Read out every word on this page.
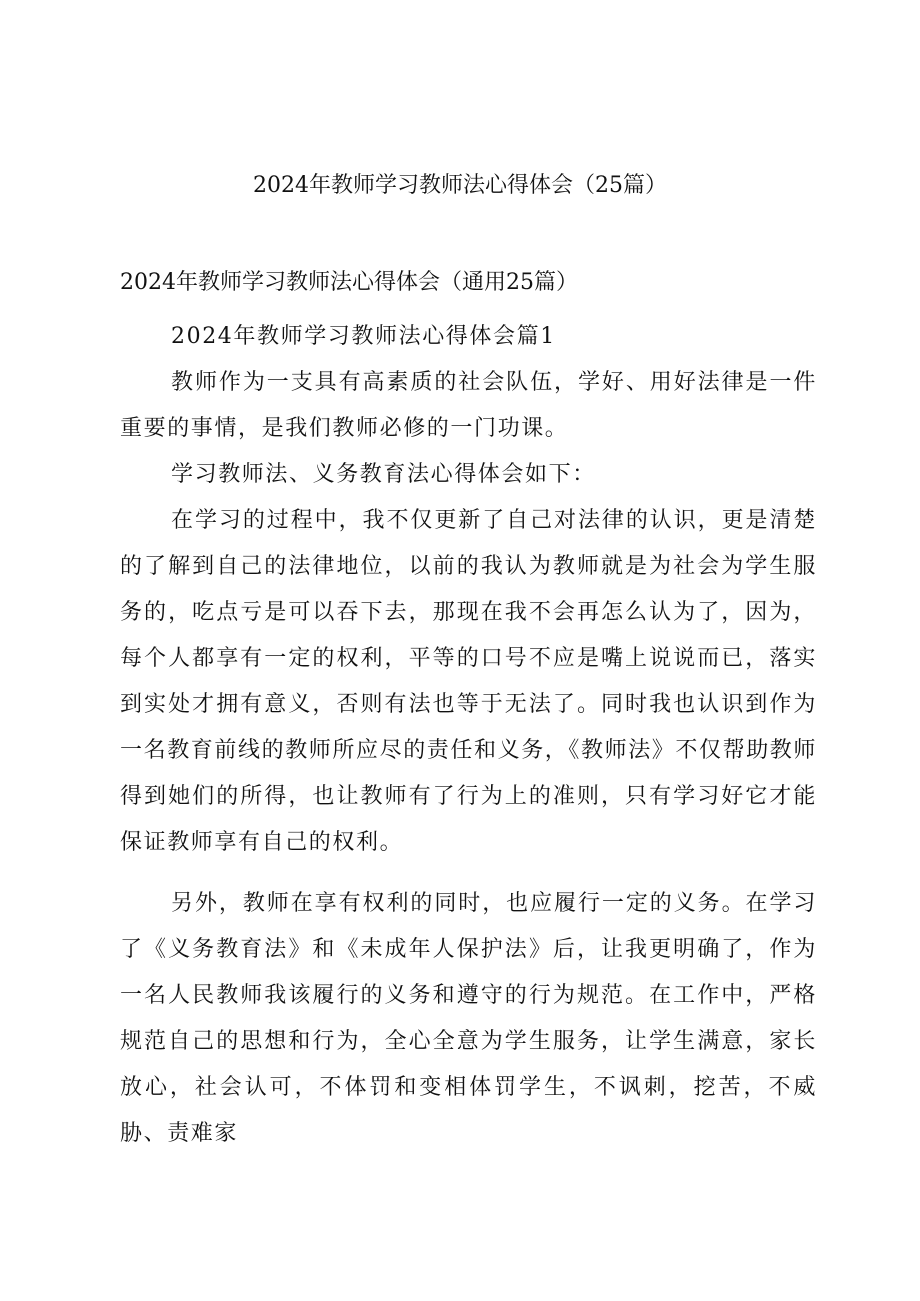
2024年教师学习教师法心得体会（25篇）
2024年教师学习教师法心得体会（通用25篇）

2024年教师学习教师法心得体会篇1

教师作为一支具有高素质的社会队伍，学好、用好法律是一件重要的事情，是我们教师必修的一门功课。

学习教师法、义务教育法心得体会如下：

在学习的过程中，我不仅更新了自己对法律的认识，更是清楚的了解到自己的法律地位，以前的我认为教师就是为社会为学生服务的，吃点亏是可以吞下去，那现在我不会再怎么认为了，因为，每个人都享有一定的权利，平等的口号不应是嘴上说说而已，落实到实处才拥有意义，否则有法也等于无法了。同时我也认识到作为一名教育前线的教师所应尽的责任和义务，《教师法》不仅帮助教师得到她们的所得，也让教师有了行为上的准则，只有学习好它才能保证教师享有自己的权利。

另外，教师在享有权利的同时，也应履行一定的义务。在学习了《义务教育法》和《未成年人保护法》后，让我更明确了，作为一名人民教师我该履行的义务和遵守的行为规范。在工作中，严格规范自己的思想和行为，全心全意为学生服务，让学生满意，家长放心，社会认可，不体罚和变相体罚学生，不讽刺，挖苦，不威胁、责难家
